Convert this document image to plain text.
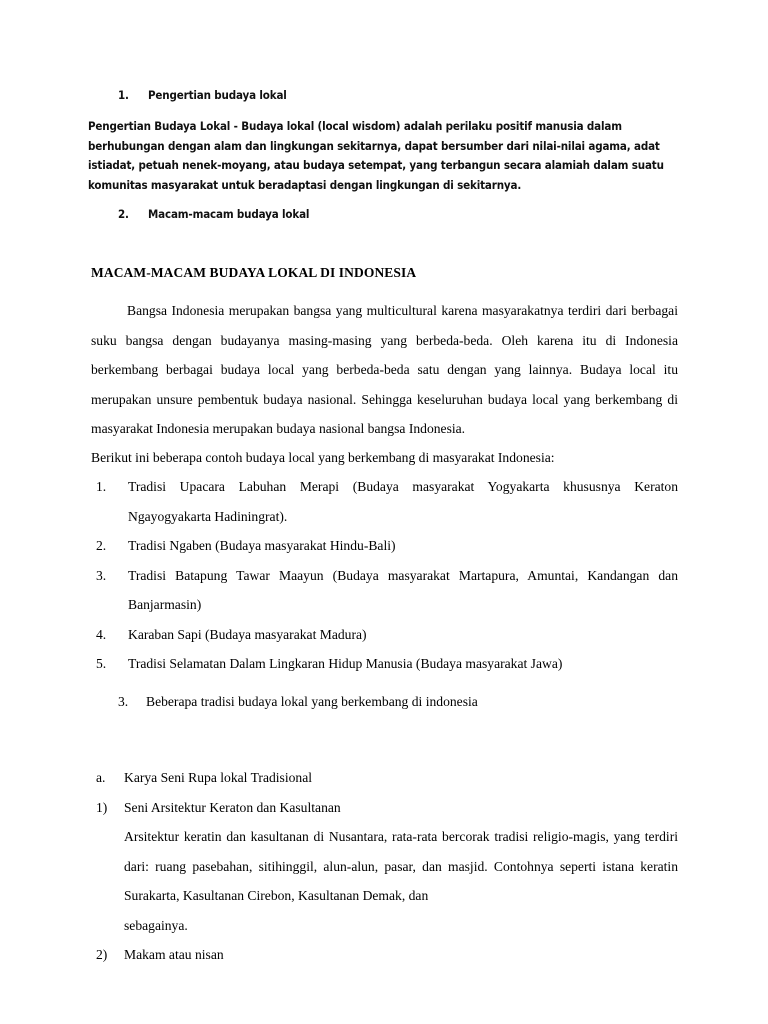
1. Pengertian budaya lokal
Pengertian Budaya Lokal - Budaya lokal (local wisdom) adalah perilaku positif manusia dalam berhubungan dengan alam dan lingkungan sekitarnya, dapat bersumber dari nilai-nilai agama, adat istiadat, petuah nenek-moyang, atau budaya setempat, yang terbangun secara alamiah dalam suatu komunitas masyarakat untuk beradaptasi dengan lingkungan di sekitarnya.
2. Macam-macam budaya lokal
MACAM-MACAM BUDAYA LOKAL DI INDONESIA
Bangsa Indonesia merupakan bangsa yang multicultural karena masyarakatnya terdiri dari berbagai suku bangsa dengan budayanya masing-masing yang berbeda-beda. Oleh karena itu di Indonesia berkembang berbagai budaya local yang berbeda-beda satu dengan yang lainnya. Budaya local itu merupakan unsure pembentuk budaya nasional. Sehingga keseluruhan budaya local yang berkembang di masyarakat Indonesia merupakan budaya nasional bangsa Indonesia.
Berikut ini beberapa contoh budaya local yang berkembang di masyarakat Indonesia:
1.	Tradisi Upacara Labuhan Merapi (Budaya masyarakat Yogyakarta khususnya Keraton Ngayogyakarta Hadiningrat).
2.	Tradisi Ngaben (Budaya masyarakat Hindu-Bali)
3.	Tradisi Batapung Tawar Maayun (Budaya masyarakat Martapura, Amuntai, Kandangan dan Banjarmasin)
4.	Karaban Sapi (Budaya masyarakat Madura)
5.	Tradisi Selamatan Dalam Lingkaran Hidup Manusia (Budaya masyarakat Jawa)
3. Beberapa tradisi budaya lokal yang berkembang di indonesia
a.	Karya Seni Rupa lokal Tradisional
1)	Seni Arsitektur Keraton dan Kasultanan
Arsitektur keratin dan kasultanan di Nusantara, rata-rata bercorak tradisi religio-magis, yang terdiri dari: ruang pasebahan, sitihinggil, alun-alun, pasar, dan masjid. Contohnya seperti istana keratin Surakarta, Kasultanan Cirebon, Kasultanan Demak, dan
sebagainya.
2)	Makam atau nisan
